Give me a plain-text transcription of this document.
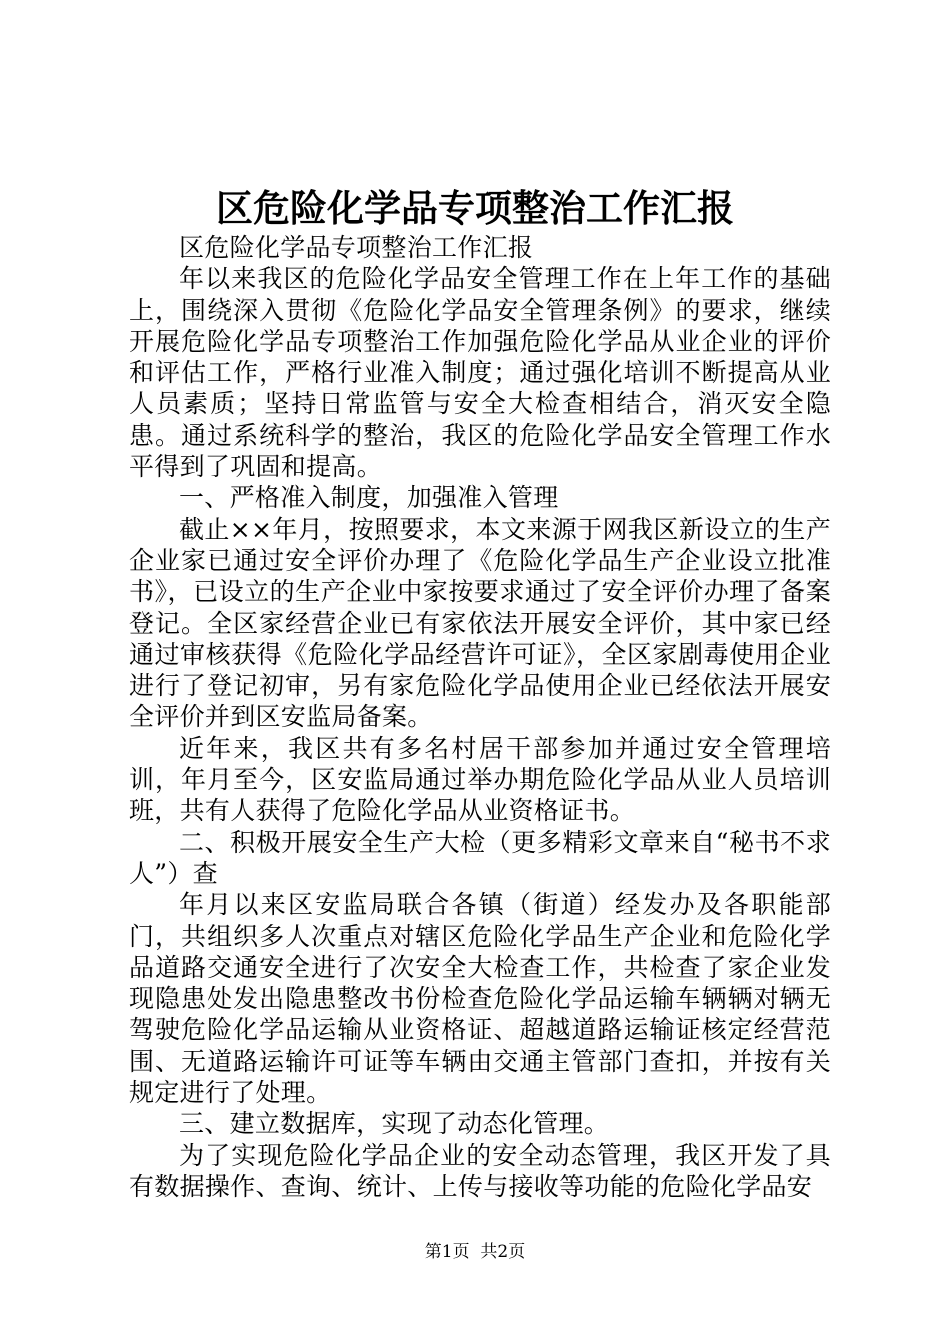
区危险化学品专项整治工作汇报

区危险化学品专项整治工作汇报

年以来我区的危险化学品安全管理工作在上年工作的基础上，围绕深入贯彻《危险化学品安全管理条例》的要求，继续开展危险化学品专项整治工作加强危险化学品从业企业的评价和评估工作，严格行业准入制度；通过强化培训不断提高从业人员素质；坚持日常监管与安全大检查相结合，消灭安全隐患。通过系统科学的整治，我区的危险化学品安全管理工作水平得到了巩固和提高。

一、严格准入制度，加强准入管理

截止××年月，按照要求，本文来源于网我区新设立的生产企业家已通过安全评价办理了《危险化学品生产企业设立批准书》，已设立的生产企业中家按要求通过了安全评价办理了备案登记。全区家经营企业已有家依法开展安全评价，其中家已经通过审核获得《危险化学品经营许可证》，全区家剧毒使用企业进行了登记初审，另有家危险化学品使用企业已经依法开展安全评价并到区安监局备案。

近年来，我区共有多名村居干部参加并通过安全管理培训，年月至今，区安监局通过举办期危险化学品从业人员培训班，共有人获得了危险化学品从业资格证书。

二、积极开展安全生产大检（更多精彩文章来自“秘书不求人”）查

年月以来区安监局联合各镇（街道）经发办及各职能部门，共组织多人次重点对辖区危险化学品生产企业和危险化学品道路交通安全进行了次安全大检查工作，共检查了家企业发现隐患处发出隐患整改书份检查危险化学品运输车辆辆对辆无驾驶危险化学品运输从业资格证、超越道路运输证核定经营范围、无道路运输许可证等车辆由交通主管部门查扣，并按有关规定进行了处理。

三、建立数据库，实现了动态化管理。

为了实现危险化学品企业的安全动态管理，我区开发了具有数据操作、查询、统计、上传与接收等功能的危险化学品安

第1页 共2页
